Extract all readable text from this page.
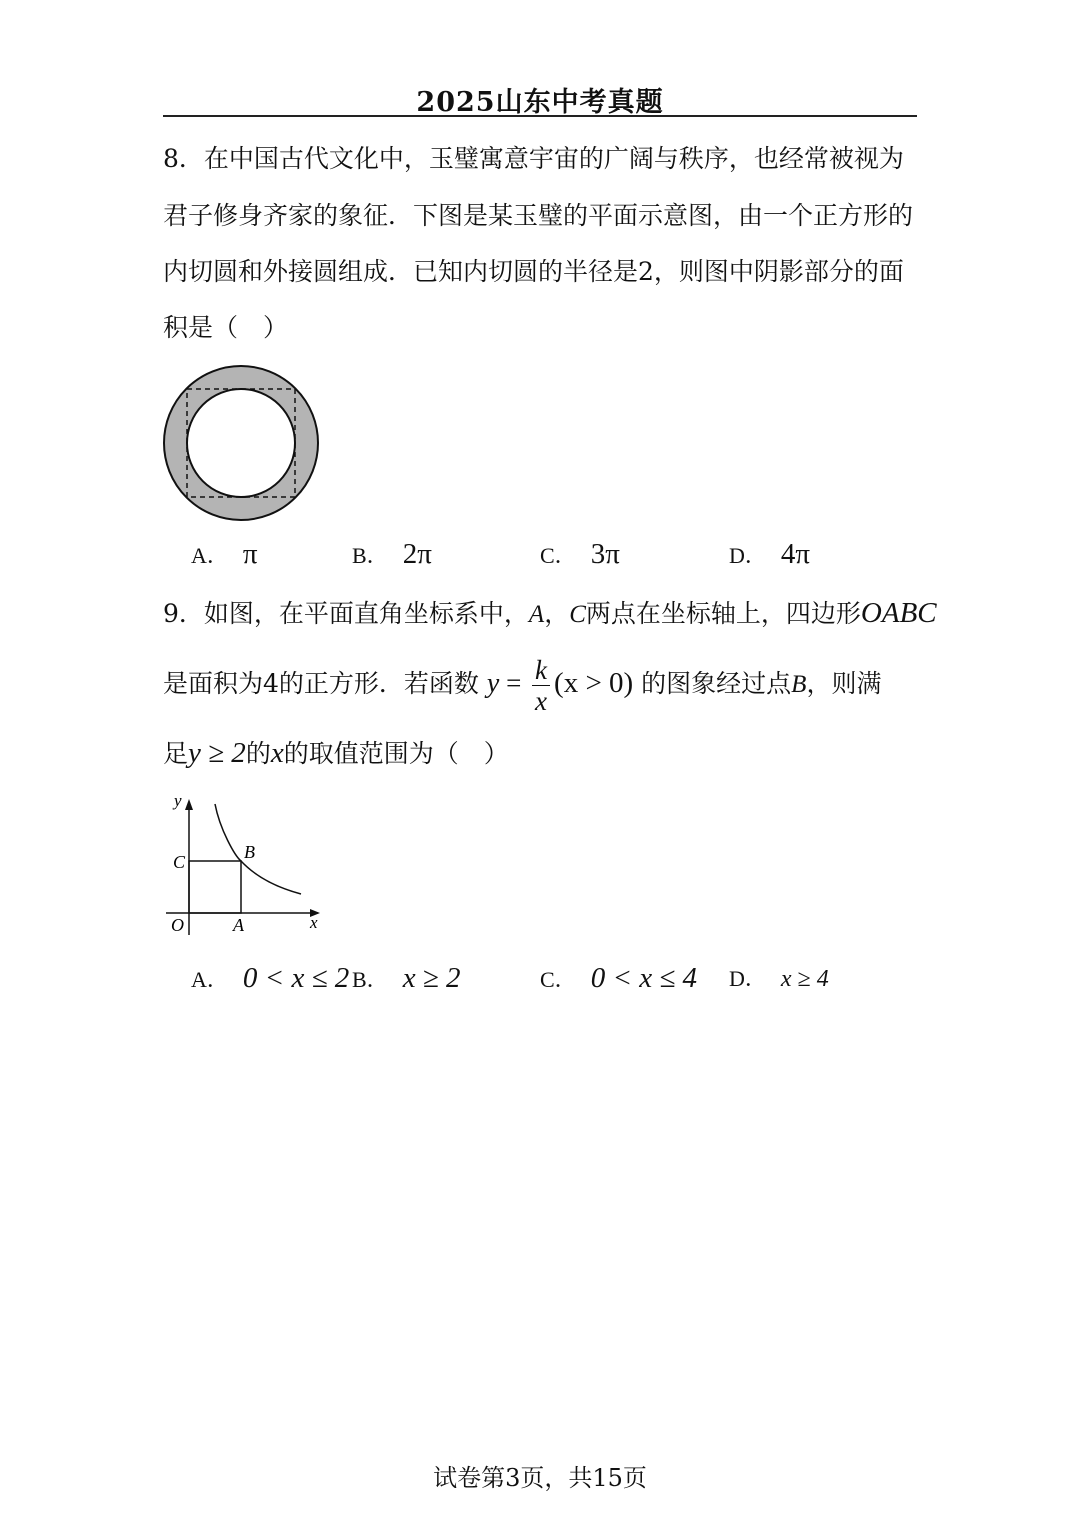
2025山东中考真题
8．在中国古代文化中，玉璧寓意宇宙的广阔与秩序，也经常被视为
君子修身齐家的象征．下图是某玉璧的平面示意图，由一个正方形的
内切圆和外接圆组成．已知内切圆的半径是2，则图中阴影部分的面
积是（　）
A． π	B． 2π	C． 3π	D． 4π
9．如图，在平面直角坐标系中，A，C两点在坐标轴上，四边形OABC
是面积为4的正方形．若函数 $y = \frac{k}{x} (x > 0)$ 的图象经过点B，则满
足y ≥ 2的x的取值范围为（　）
y
x
O	A
B
C
A． 0 < x ≤ 2 B． x ≥ 2	C． 0 < x ≤ 4 D． x ≥ 4
试卷第3页，共15页
